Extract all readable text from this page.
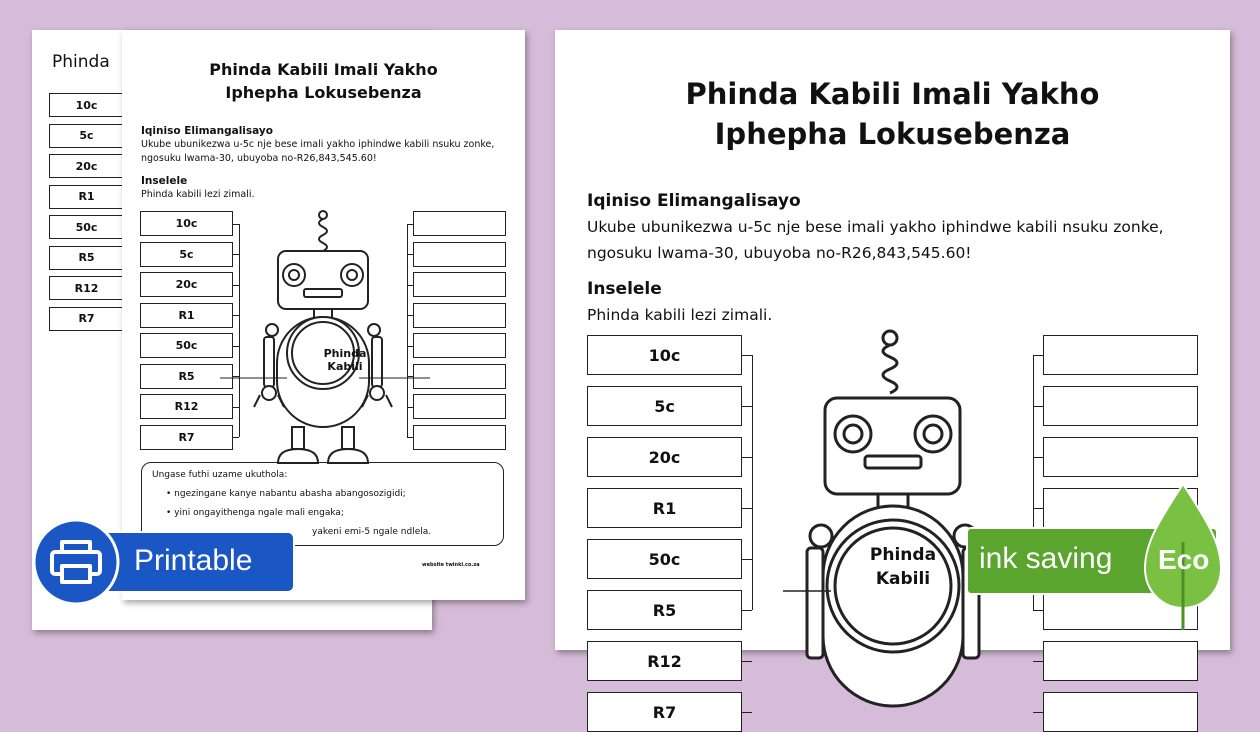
Phinda
10c
5c
20c
R1
50c
R5
R12
R7
Phinda Kabili Imali Yakho
Iphepha Lokusebenza
Iqiniso Elimangalisayo
Ukube ubunikezwa u-5c nje bese imali yakho iphindwe kabili nsuku zonke,
ngosuku lwama-30, ubuyoba no-R26,843,545.60!
Inselele
Phinda kabili lezi zimali.
10c
5c
20c
R1
50c
R5
R12
R7
Phinda
Kabili
Ungase futhi uzame ukuthola:
• ngezingane kanye nabantu abasha abangosozigidi;
• yini ongayithenga ngale mali engaka;
yakeni emi-5 ngale ndlela.
website twinkl.co.za
Phinda Kabili Imali Yakho
Iphepha Lokusebenza
Iqiniso Elimangalisayo
Ukube ubunikezwa u-5c nje bese imali yakho iphindwe kabili nsuku zonke,
ngosuku lwama-30, ubuyoba no-R26,843,545.60!
Inselele
Phinda kabili lezi zimali.
10c
5c
20c
R1
50c
R5
R12
R7
Phinda
Kabili
Printable	ink saving Eco
